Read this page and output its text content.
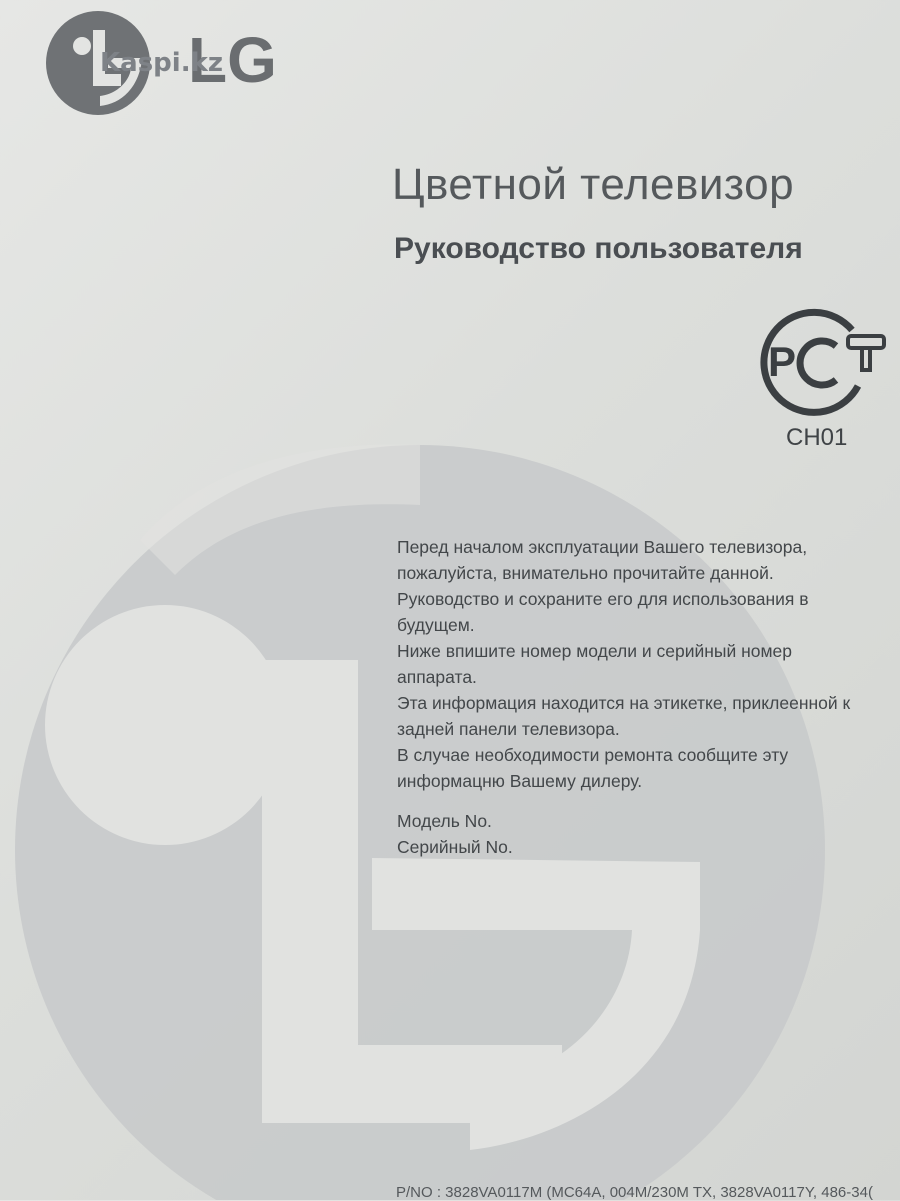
LG
Kaspi.kz
Цветной телевизор
Руководство пользователя
P
CH01
Перед началом эксплуатации Вашего телевизора,
пожалуйста, внимательно прочитайте данной.
Руководство и сохраните его для использования в
будущем.
Ниже впишите номер модели и серийный номер
аппарата.
Эта информация находится на этикетке, приклеенной к
задней панели телевизора.
В случае необходимости ремонта сообщите эту
информацню Вашему дилеру.
Модель No.
Серийный No.
P/NO : 3828VA0117M (MC64A, 004M/230M TX, 3828VA0117Y, 486-34(
